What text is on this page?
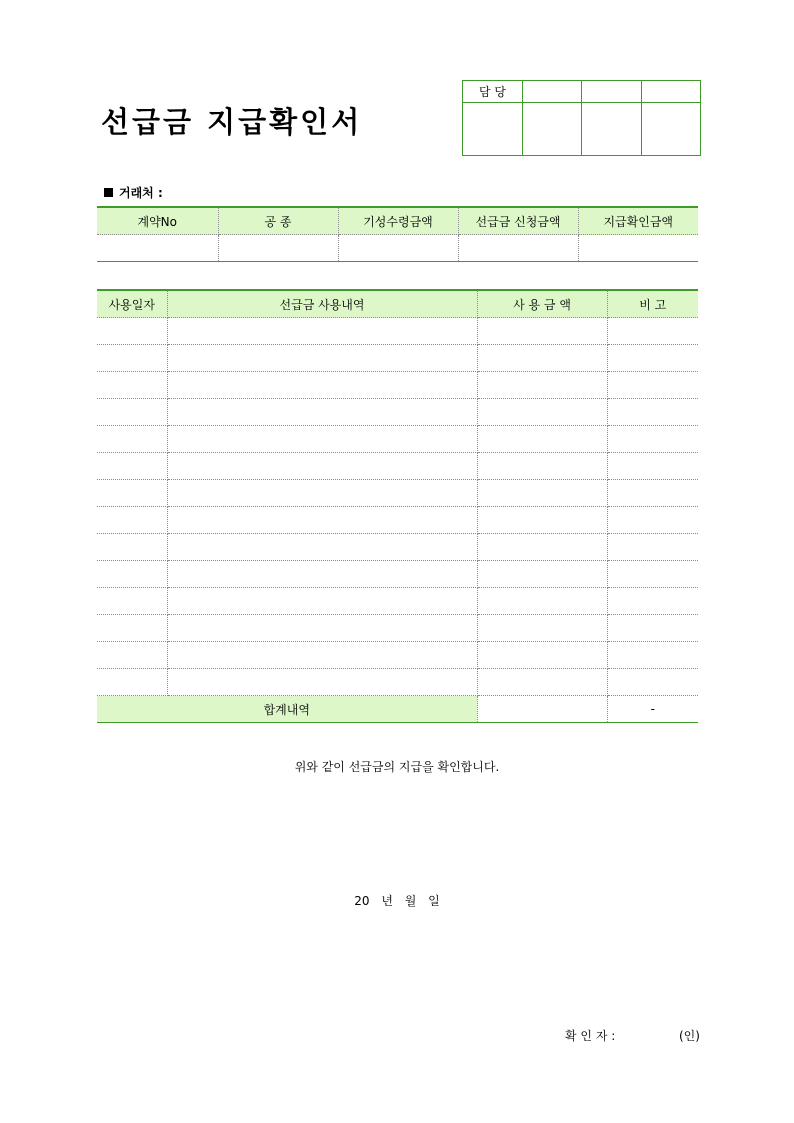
선급금 지급확인서
담 당			

거래처 :
계약No	공 종	기성수령금액	선급금 신청금액	지급확인금액

사용일자	선급금 사용내역	사 용 금 액	비 고

합계내역			-
위와 같이 선급금의 지급을 확인합니다.
20 년 월 일
확 인 자 :	(인)
